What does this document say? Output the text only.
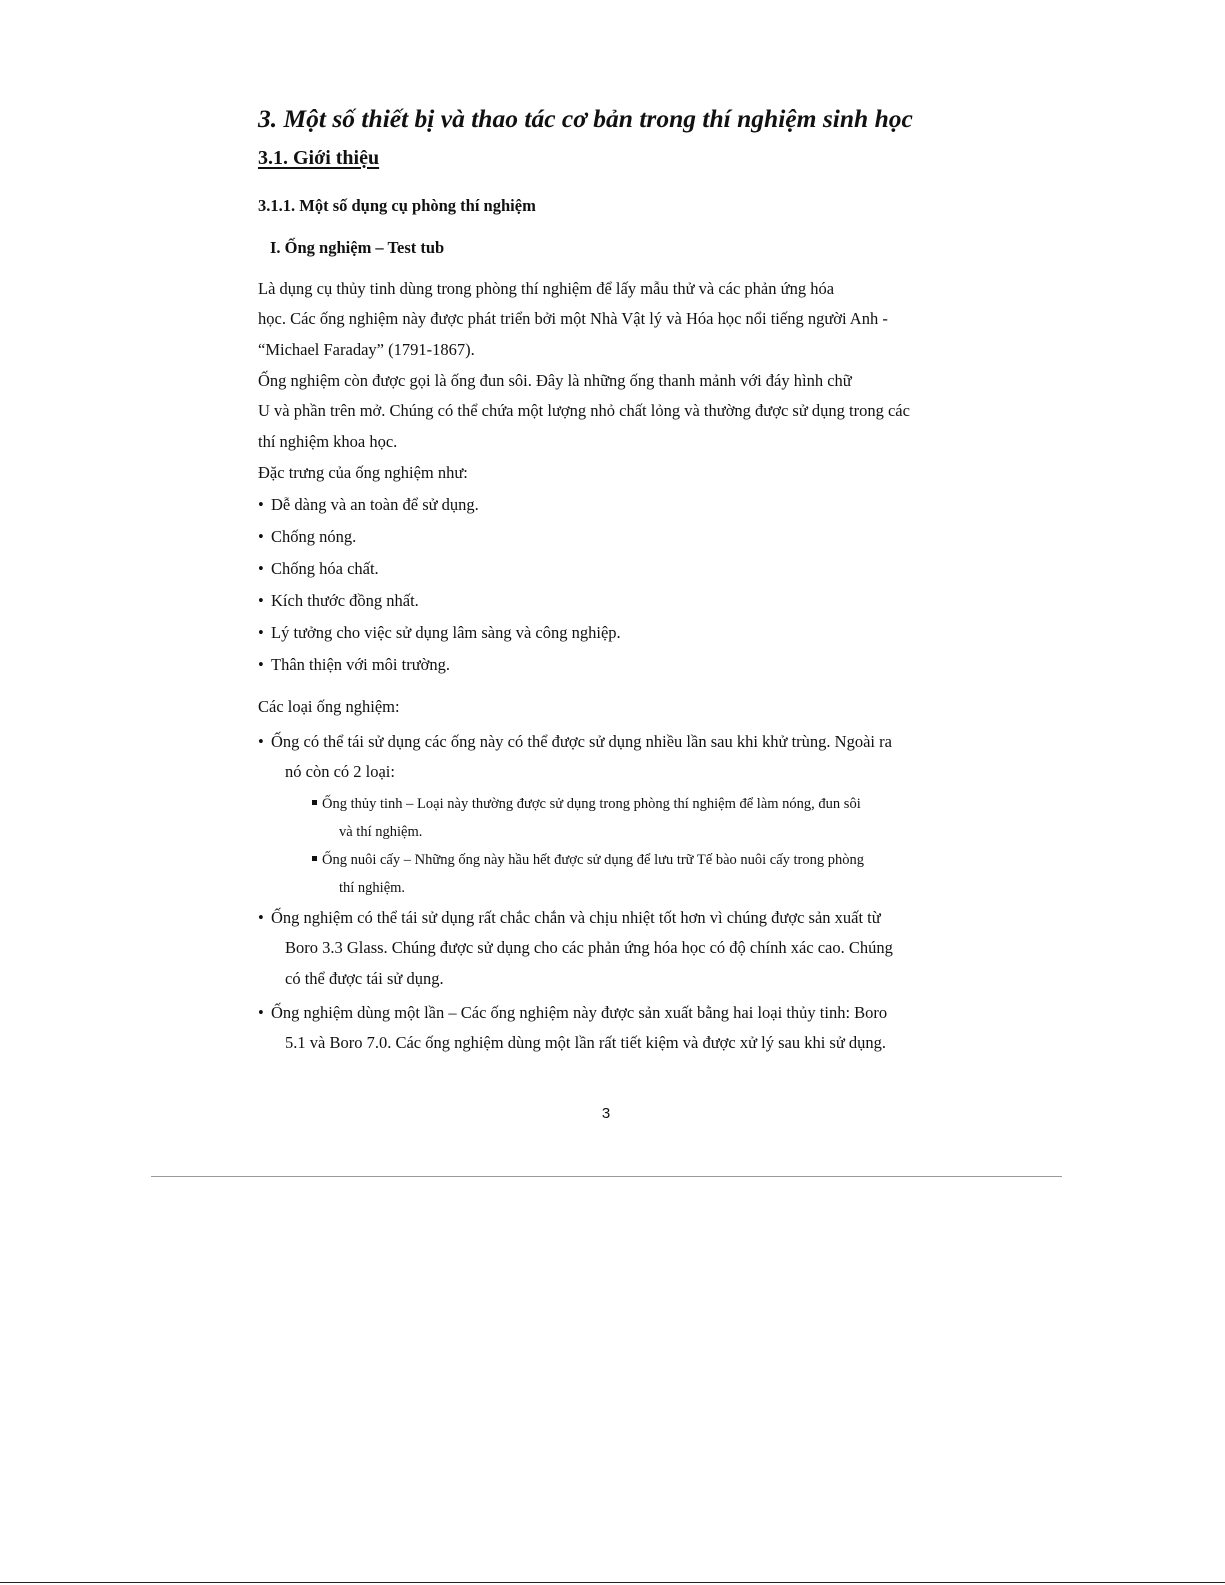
3. Một số thiết bị và thao tác cơ bản trong thí nghiệm sinh học
3.1. Giới thiệu
3.1.1. Một số dụng cụ phòng thí nghiệm
I. Ống nghiệm – Test tub
Là dụng cụ thủy tinh dùng trong phòng thí nghiệm để lấy mẫu thử và các phản ứng hóa
học. Các ống nghiệm này được phát triển bởi một Nhà Vật lý và Hóa học nổi tiếng người Anh -
“Michael Faraday” (1791-1867).
Ống nghiệm còn được gọi là ống đun sôi. Đây là những ống thanh mảnh với đáy hình chữ
U và phần trên mở. Chúng có thể chứa một lượng nhỏ chất lỏng và thường được sử dụng trong các
thí nghiệm khoa học.
Đặc trưng của ống nghiệm như:
• Dễ dàng và an toàn để sử dụng.
• Chống nóng.
• Chống hóa chất.
• Kích thước đồng nhất.
• Lý tưởng cho việc sử dụng lâm sàng và công nghiệp.
• Thân thiện với môi trường.
Các loại ống nghiệm:
• Ống có thể tái sử dụng các ống này có thể được sử dụng nhiều lần sau khi khử trùng. Ngoài ra
nó còn có 2 loại:
Ống thủy tinh – Loại này thường được sử dụng trong phòng thí nghiệm để làm nóng, đun sôi
và thí nghiệm.
Ống nuôi cấy – Những ống này hầu hết được sử dụng để lưu trữ Tế bào nuôi cấy trong phòng
thí nghiệm.
• Ống nghiệm có thể tái sử dụng rất chắc chắn và chịu nhiệt tốt hơn vì chúng được sản xuất từ
Boro 3.3 Glass. Chúng được sử dụng cho các phản ứng hóa học có độ chính xác cao. Chúng
có thể được tái sử dụng.
• Ống nghiệm dùng một lần – Các ống nghiệm này được sản xuất bằng hai loại thủy tinh: Boro
5.1 và Boro 7.0. Các ống nghiệm dùng một lần rất tiết kiệm và được xử lý sau khi sử dụng.
3
